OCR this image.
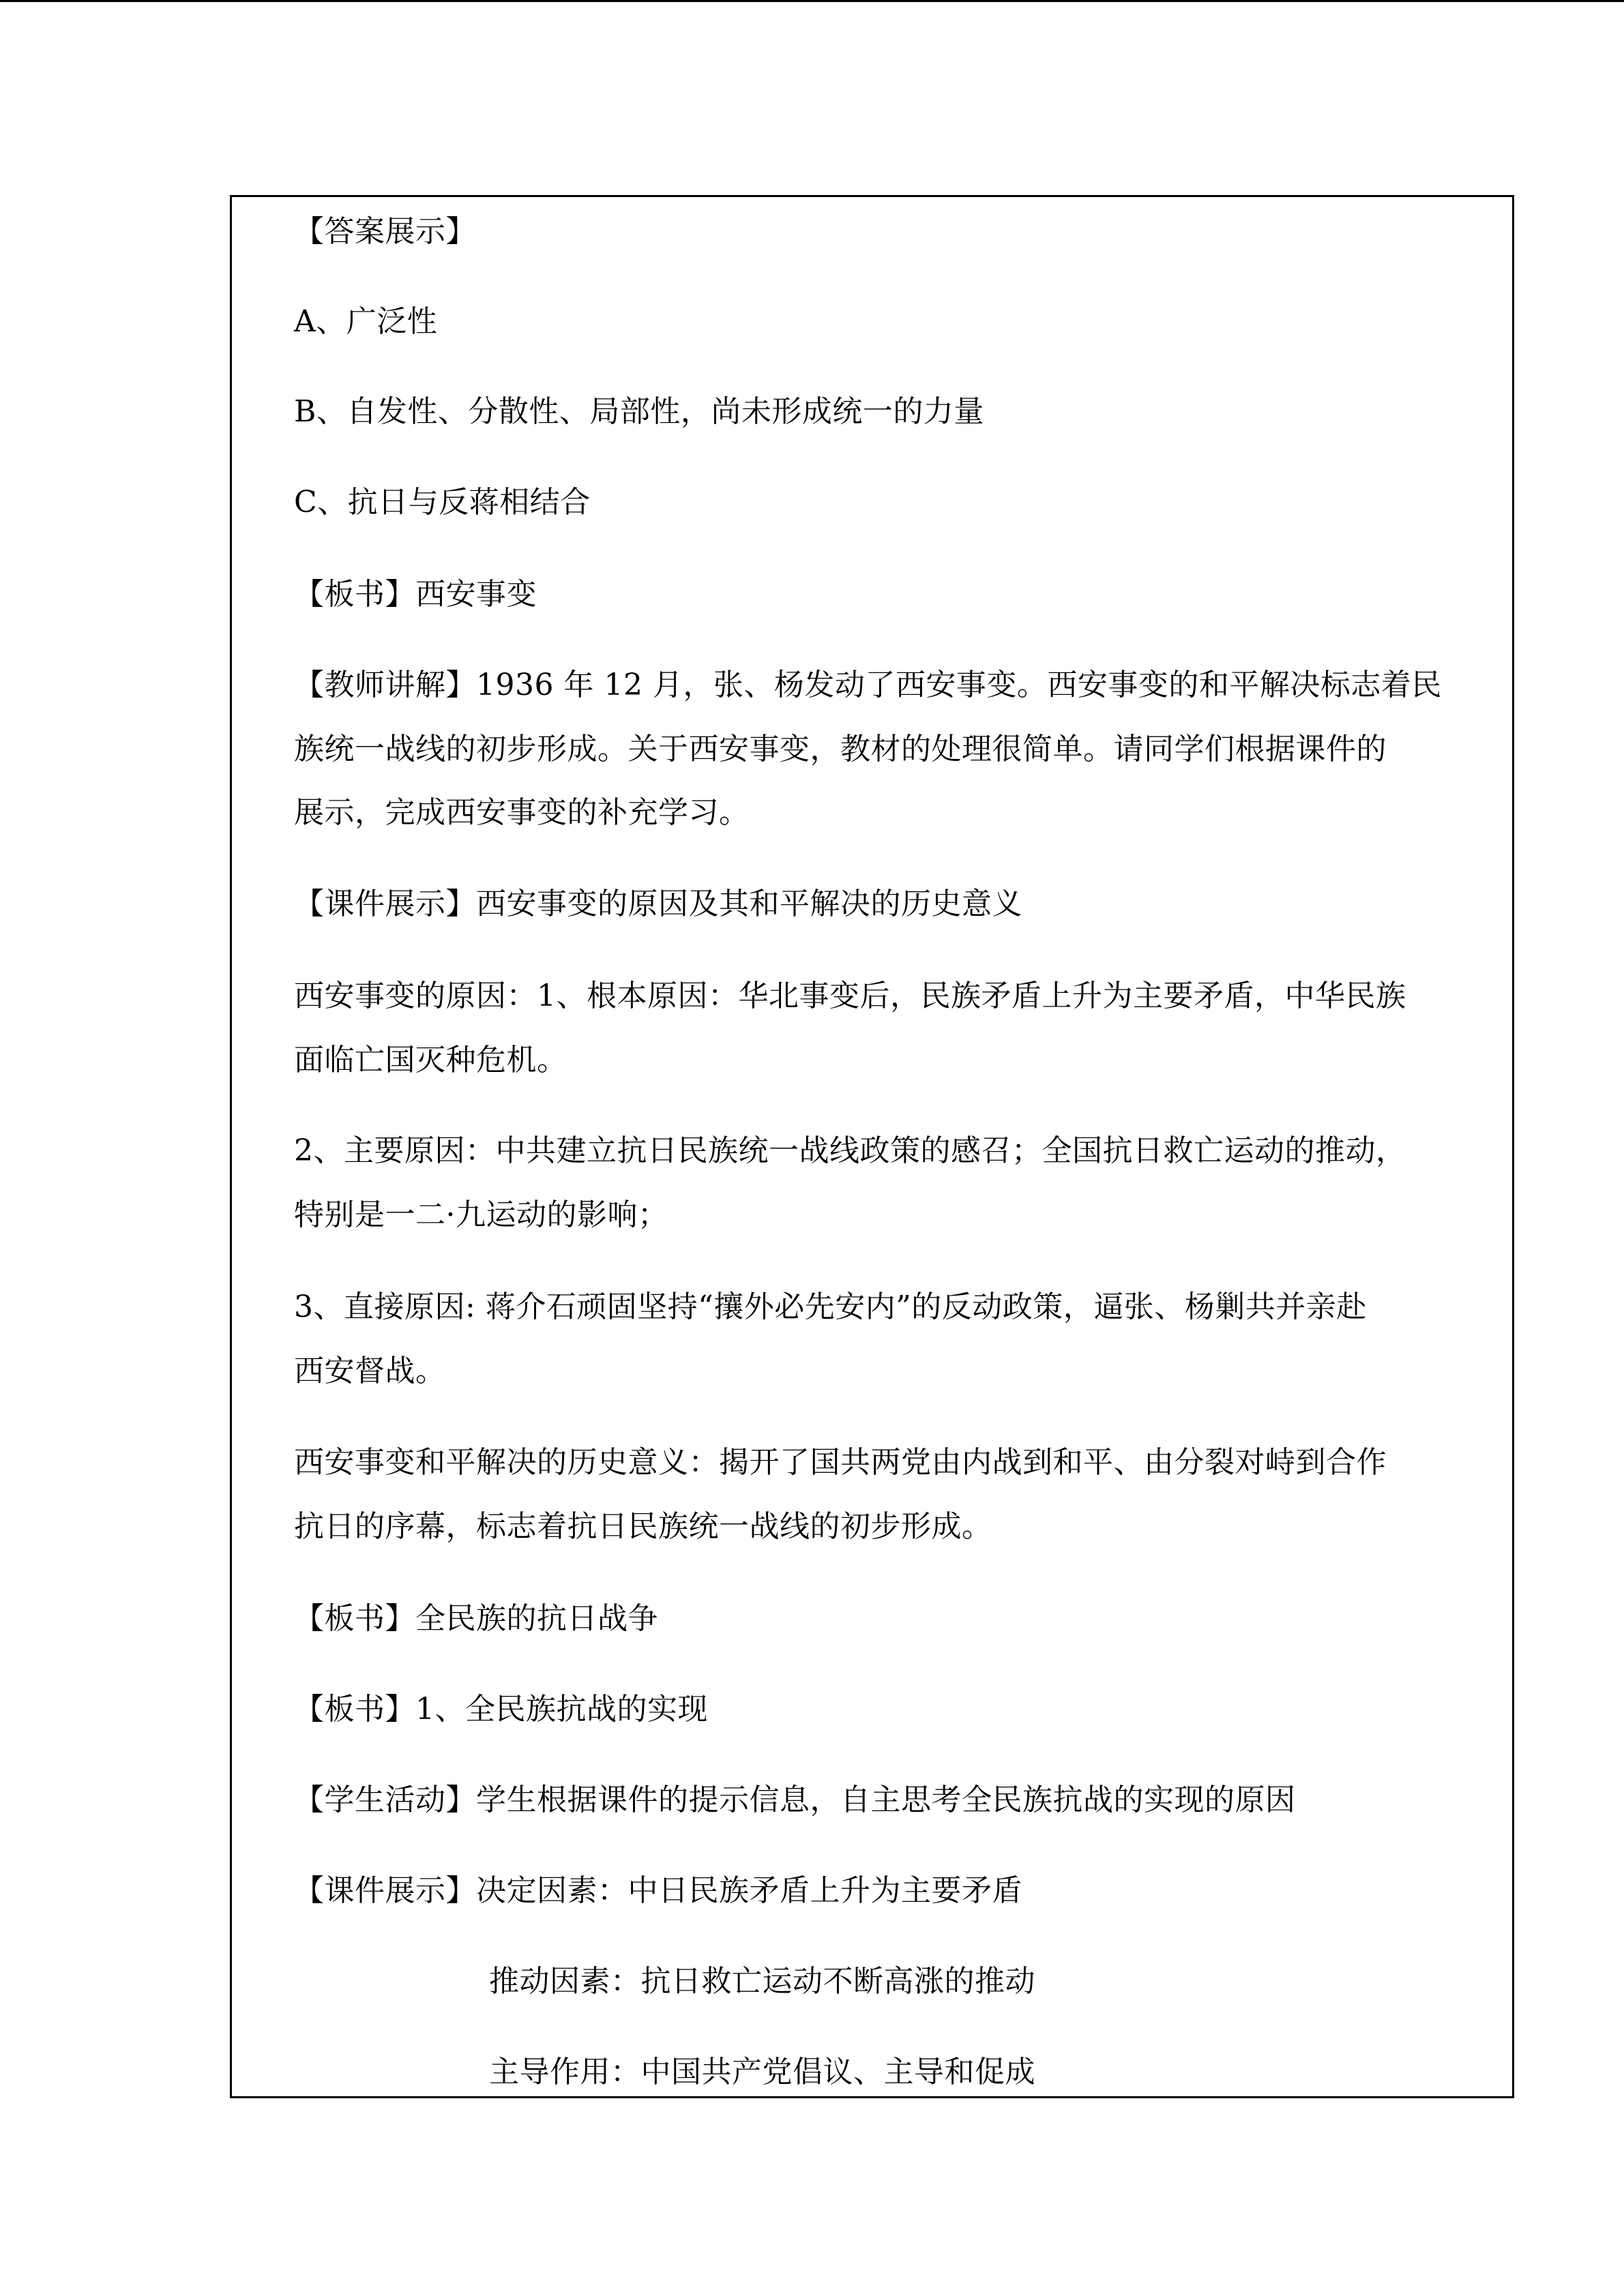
【答案展示】
A、广泛性
B、自发性、分散性、局部性，尚未形成统一的力量
C、抗日与反蒋相结合
【板书】西安事变
【教师讲解】1936 年 12 月，张、杨发动了西安事变。西安事变的和平解决标志着民
族统一战线的初步形成。关于西安事变，教材的处理很简单。请同学们根据课件的
展示，完成西安事变的补充学习。
【课件展示】西安事变的原因及其和平解决的历史意义
西安事变的原因：1、根本原因：华北事变后，民族矛盾上升为主要矛盾，中华民族
面临亡国灭种危机。
2、主要原因：中共建立抗日民族统一战线政策的感召；全国抗日救亡运动的推动，
特别是一二·九运动的影响；
3、直接原因: 蒋介石顽固坚持“攘外必先安内”的反动政策，逼张、杨剿共并亲赴
西安督战。
西安事变和平解决的历史意义：揭开了国共两党由内战到和平、由分裂对峙到合作
抗日的序幕，标志着抗日民族统一战线的初步形成。
【板书】全民族的抗日战争
【板书】1、全民族抗战的实现
【学生活动】学生根据课件的提示信息，自主思考全民族抗战的实现的原因
【课件展示】决定因素：中日民族矛盾上升为主要矛盾
推动因素：抗日救亡运动不断高涨的推动
主导作用：中国共产党倡议、主导和促成
